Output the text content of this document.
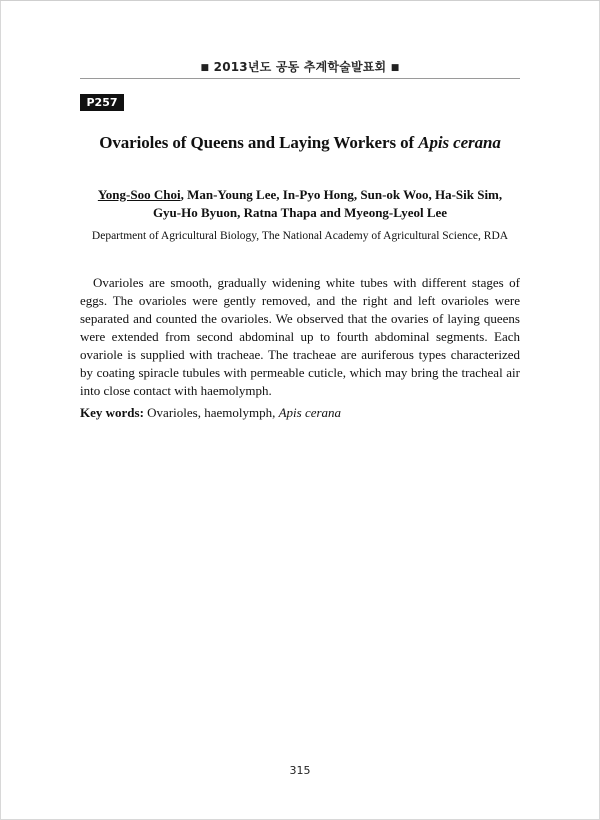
■ 2013년도 공동 추계학술발표회 ■
P257
Ovarioles of Queens and Laying Workers of Apis cerana
Yong-Soo Choi, Man-Young Lee, In-Pyo Hong, Sun-ok Woo, Ha-Sik Sim,
Gyu-Ho Byuon, Ratna Thapa and Myeong-Lyeol Lee
Department of Agricultural Biology, The National Academy of Agricultural Science, RDA

Ovarioles are smooth, gradually widening white tubes with different stages of eggs. The ovarioles were gently removed, and the right and left ovarioles were separated and counted the ovarioles. We observed that the ovaries of laying queens were extended from second abdominal up to fourth abdominal segments. Each ovariole is supplied with tracheae. The tracheae are auriferous types characterized by coating spiracle tubules with permeable cuticle, which may bring the tracheal air into close contact with haemolymph.

Key words: Ovarioles, haemolymph, Apis cerana
315
